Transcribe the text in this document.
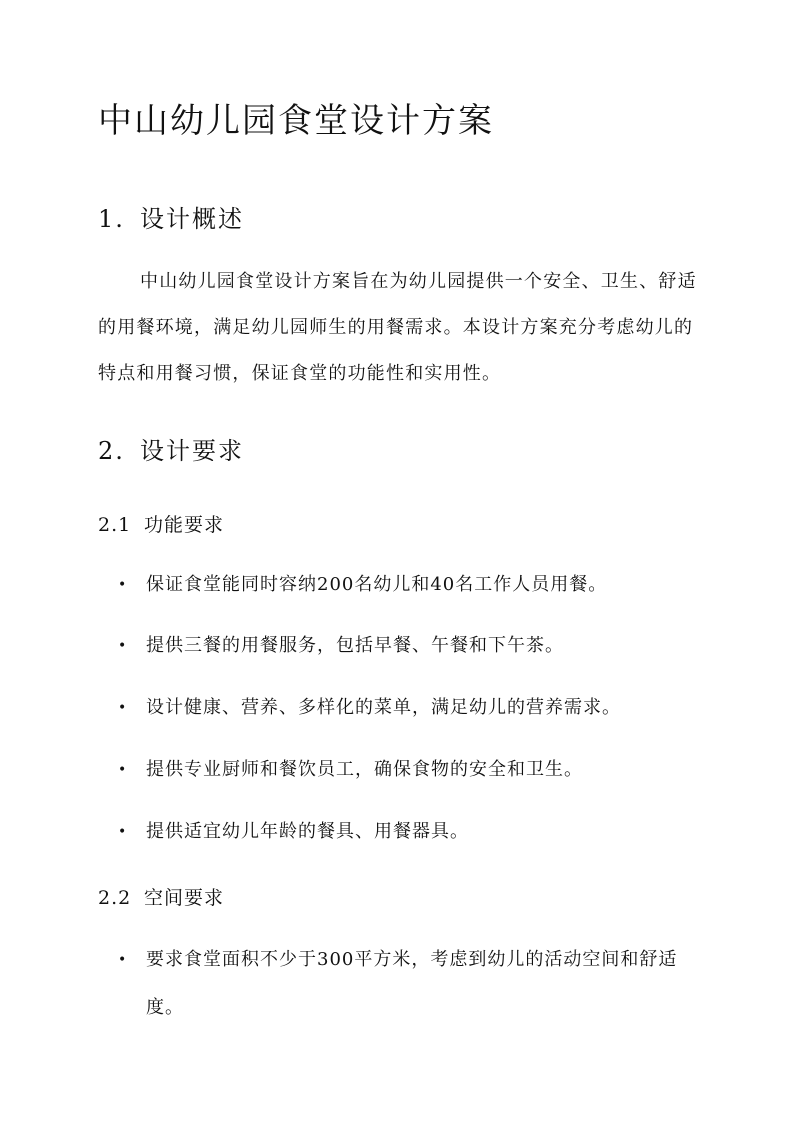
中山幼儿园食堂设计方案
1. 设计概述

中山幼儿园食堂设计方案旨在为幼儿园提供一个安全、卫生、舒适的用餐环境，满足幼儿园师生的用餐需求。本设计方案充分考虑幼儿的特点和用餐习惯，保证食堂的功能性和实用性。

2. 设计要求
2.1 功能要求
• 保证食堂能同时容纳200名幼儿和40名工作人员用餐。
• 提供三餐的用餐服务，包括早餐、午餐和下午茶。
• 设计健康、营养、多样化的菜单，满足幼儿的营养需求。
• 提供专业厨师和餐饮员工，确保食物的安全和卫生。
• 提供适宜幼儿年龄的餐具、用餐器具。
2.2 空间要求
• 要求食堂面积不少于300平方米，考虑到幼儿的活动空间和舒适度。
